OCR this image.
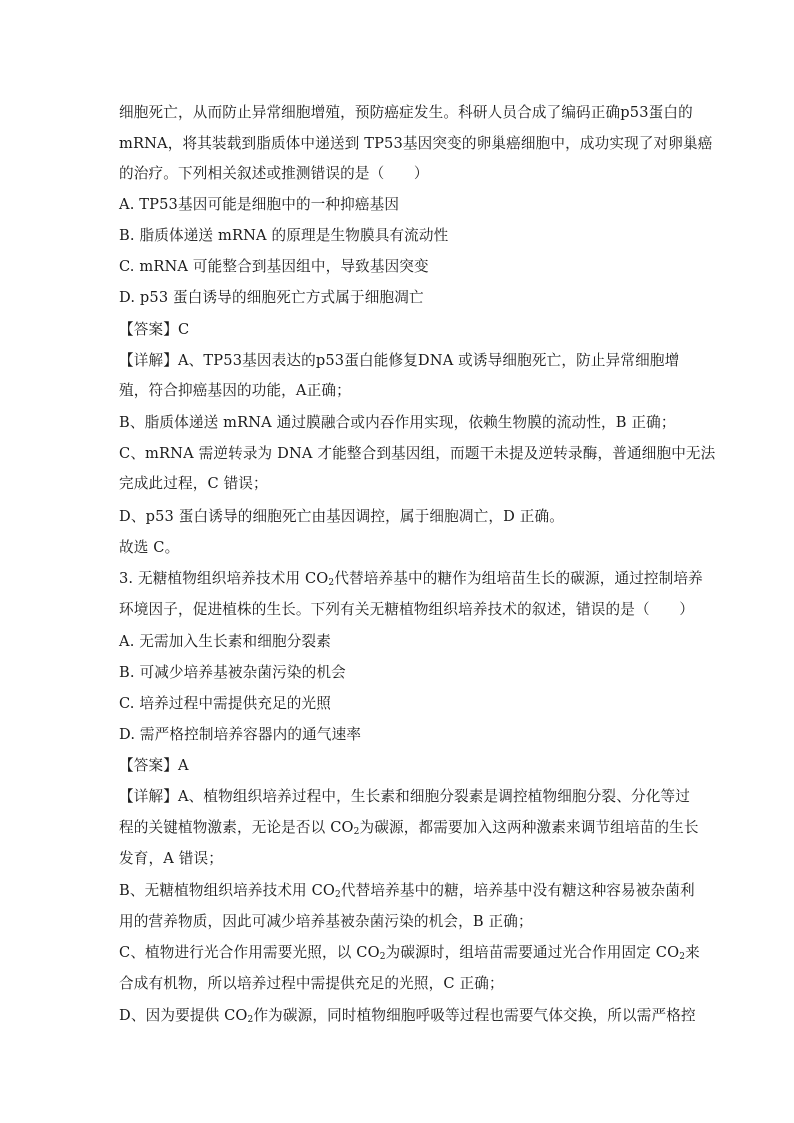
细胞死亡，从而防止异常细胞增殖，预防癌症发生。科研人员合成了编码正确p53蛋白的
mRNA，将其装载到脂质体中递送到 TP53基因突变的卵巢癌细胞中，成功实现了对卵巢癌
的治疗。下列相关叙述或推测错误的是（　　）
A. TP53基因可能是细胞中的一种抑癌基因
B. 脂质体递送 mRNA 的原理是生物膜具有流动性
C. mRNA 可能整合到基因组中，导致基因突变
D. p53 蛋白诱导的细胞死亡方式属于细胞凋亡
【答案】C
【详解】A、TP53基因表达的p53蛋白能修复DNA 或诱导细胞死亡，防止异常细胞增
殖，符合抑癌基因的功能，A正确；
B、脂质体递送 mRNA 通过膜融合或内吞作用实现，依赖生物膜的流动性，B 正确；
C、mRNA 需逆转录为 DNA 才能整合到基因组，而题干未提及逆转录酶，普通细胞中无法
完成此过程，C 错误；
D、p53 蛋白诱导的细胞死亡由基因调控，属于细胞凋亡，D 正确。
故选 C。
3. 无糖植物组织培养技术用 $CO_2$代替培养基中的糖作为组培苗生长的碳源，通过控制培养
环境因子，促进植株的生长。下列有关无糖植物组织培养技术的叙述，错误的是（　　）
A. 无需加入生长素和细胞分裂素
B. 可减少培养基被杂菌污染的机会
C. 培养过程中需提供充足的光照
D. 需严格控制培养容器内的通气速率
【答案】A
【详解】A、植物组织培养过程中，生长素和细胞分裂素是调控植物细胞分裂、分化等过
程的关键植物激素，无论是否以 $CO_2$为碳源，都需要加入这两种激素来调节组培苗的生长
发育，A 错误；
B、无糖植物组织培养技术用 $CO_2$代替培养基中的糖，培养基中没有糖这种容易被杂菌利
用的营养物质，因此可减少培养基被杂菌污染的机会，B 正确；
C、植物进行光合作用需要光照，以 $CO_2$为碳源时，组培苗需要通过光合作用固定 $CO_2$来
合成有机物，所以培养过程中需提供充足的光照，C 正确；
D、因为要提供 $CO_2$作为碳源，同时植物细胞呼吸等过程也需要气体交换，所以需严格控
